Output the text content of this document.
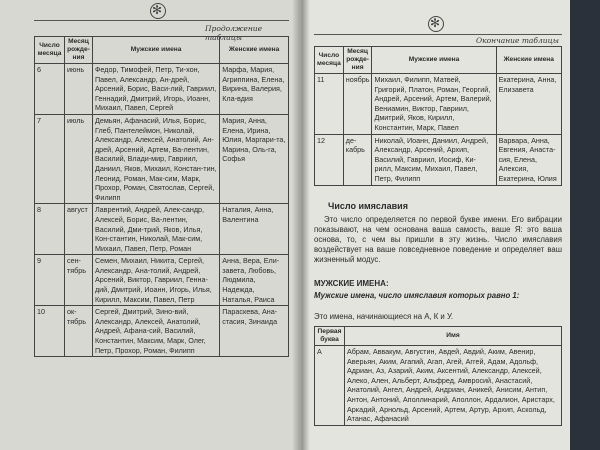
✻
Продолжение таблицы
Число месяца	Месяц рожде-ния	Мужские имена	Женские имена
6	июнь	Федор, Тимофей, Петр, Ти-хон, Павел, Александр, Ан-дрей, Арсений, Борис, Васи-лий, Гавриил, Геннадий, Дмитрий, Игорь, Иоанн, Михаил, Павел, Сергей	Марфа, Мария, Агриппина, Елена, Вирина, Валерия, Кла-вдия
7	июль	Демьян, Афанасий, Илья, Борис, Глеб, Пантелеймон, Николай, Александр, Алексей, Анатолий, Ан-дрей, Арсений, Артем, Ва-лентин, Василий, Влади-мир, Гавриил, Даниил, Яков, Михаил, Констан-тин, Леонид, Роман, Мак-сим, Марк, Прохор, Роман, Святослав, Сергей, Филипп	Мария, Анна, Елена, Ирина, Юлия, Маргари-та, Марина, Оль-га, Софья
8	август	Лаврентий, Андрей, Алек-сандр, Алексей, Борис, Ва-лентин, Василий, Дми-трий, Яков, Илья, Кон-стантин, Николай, Мак-сим, Михаил, Павел, Петр, Роман	Наталия, Анна, Валентина
9	сен-тябрь	Семен, Михаил, Никита, Сергей, Александр, Ана-толий, Андрей, Арсений, Виктор, Гавриил, Генна-дий, Дмитрий, Иоанн, Игорь, Илья, Кирилл, Максим, Павел, Петр	Анна, Вера, Ели-завета, Любовь, Людмила, Надежда, Наталья, Раиса
10	ок-тябрь	Сергей, Дмитрий, Зино-вий, Александр, Алексей, Анатолий, Андрей, Афана-сий, Василий, Константин, Максим, Марк, Олег, Петр, Прохор, Роман, Филипп	Параскева, Ана-стасия, Зинаида
✻
Окончание таблицы
Число месяца	Месяц рожде-ния	Мужские имена	Женские имена
11	ноябрь	Михаил, Филипп, Матвей, Григорий, Платон, Роман, Георгий, Андрей, Арсений, Артем, Валерий, Вениамин, Виктор, Гавриил, Дмитрий, Яков, Кирилл, Константин, Марк, Павел	Екатерина, Анна, Елизавета
12	де-кабрь	Николай, Иоанн, Даниил, Андрей, Александр, Арсений, Архип, Василий, Гавриил, Иосиф, Ки-рилл, Максим, Михаил, Павел, Петр, Филипп	Варвара, Анна, Евгения, Анаста-сия, Елена, Алексия, Екатерина, Юлия
Число имяславия
Это число определяется по первой букве имени. Его вибрации показывают, на чем основана ваша самость, ваше Я: это ваша основа, то, с чем вы пришли в эту жизнь. Число имяславия воздействует на ваше повседневное поведение и определяет ваш жизненный модус.
МУЖСКИЕ ИМЕНА:
Мужские имена, число имяславия которых равно 1:
Это имена, начинающиеся на А, К и У.
Первая буква	Имя
А	Абрам, Аввакум, Августин, Авдей, Авдий, Аким, Авенир, Аверьян, Аким, Агапий, Агап, Агей, Аггей, Адам, Адольф, Адриан, Аз, Азарий, Аким, Аксентий, Александр, Алексей, Алеко, Ален, Альберт, Альфред, Амвросий, Анастасий, Анатолий, Ангел, Андрей, Андриан, Аникей, Анисим, Антип, Антон, Антоний, Аполлинарий, Аполлон, Ардалион, Аристарх, Аркадий, Арнольд, Арсений, Артем, Артур, Архип, Аскольд, Атанас, Афанасий
